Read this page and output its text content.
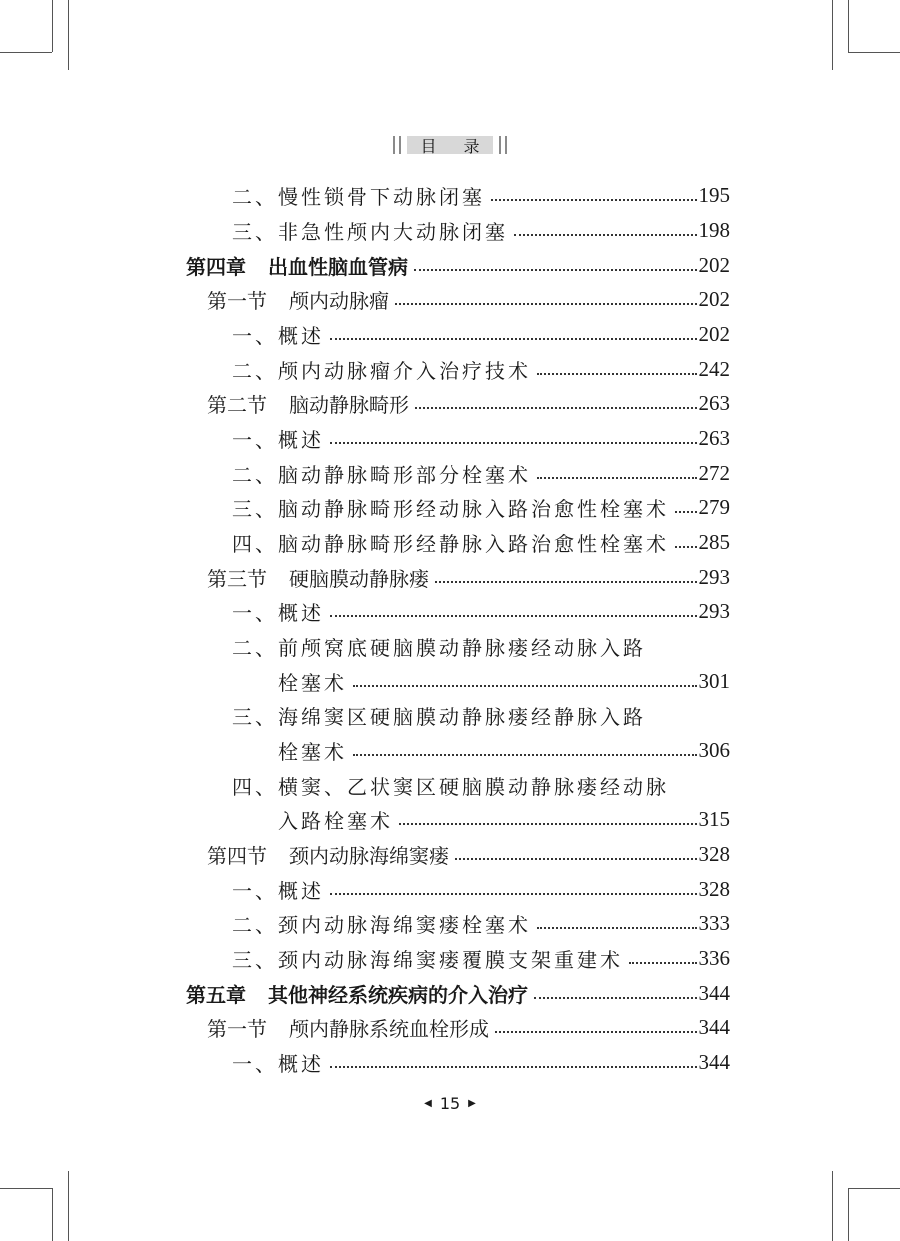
目 录
二、慢性锁骨下动脉闭塞	195
三、非急性颅内大动脉闭塞	198
第四章 出血性脑血管病	202
第一节 颅内动脉瘤	202
一、概述	202
二、颅内动脉瘤介入治疗技术	242
第二节 脑动静脉畸形	263
一、概述	263
二、脑动静脉畸形部分栓塞术	272
三、脑动静脉畸形经动脉入路治愈性栓塞术 279
四、脑动静脉畸形经静脉入路治愈性栓塞术 285
第三节 硬脑膜动静脉瘘	293
一、概述	293
二、前颅窝底硬脑膜动静脉瘘经动脉入路
栓塞术	301
三、海绵窦区硬脑膜动静脉瘘经静脉入路
栓塞术	306
四、横窦、乙状窦区硬脑膜动静脉瘘经动脉
入路栓塞术	315
第四节 颈内动脉海绵窦瘘	328
一、概述	328
二、颈内动脉海绵窦瘘栓塞术	333
三、颈内动脉海绵窦瘘覆膜支架重建术	336
第五章 其他神经系统疾病的介入治疗	344
第一节 颅内静脉系统血栓形成	344
一、概述	344
◀ 15 ▶
